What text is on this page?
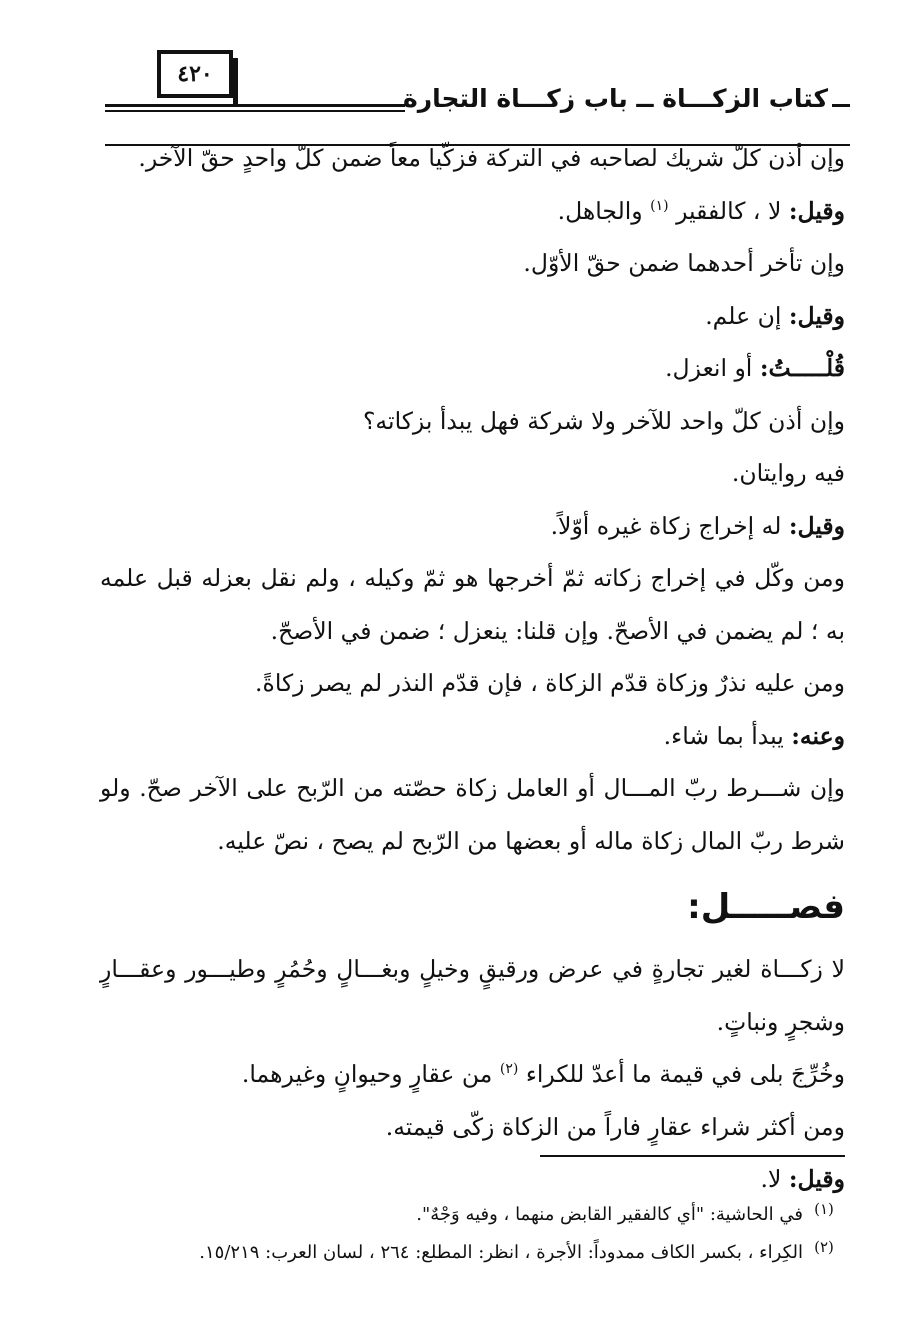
٤٢٠
كتاب الزكـــاة ــ باب زكـــاة التجارة
وإن أذن كلّ شريك لصاحبه في التركة فزكّيا معاً ضمن كلّ واحدٍ حقّ الآخر.
وقيل: لا ، كالفقير $^{(١)}$ والجاهل.
وإن تأخر أحدهما ضمن حقّ الأوّل.
وقيل: إن علم.
قُلْـــــتُ: أو انعزل.
وإن أذن كلّ واحد للآخر ولا شركة فهل يبدأ بزكاته؟
فيه روايتان.
وقيل: له إخراج زكاة غيره أوّلاً.
ومن وكّل في إخراج زكاته ثمّ أخرجها هو ثمّ وكيله ، ولم نقل بعزله قبل علمه
به ؛ لم يضمن في الأصحّ. وإن قلنا: ينعزل ؛ ضمن في الأصحّ.
ومن عليه نذرٌ وزكاة قدّم الزكاة ، فإن قدّم النذر لم يصر زكاةً.
وعنه: يبدأ بما شاء.
وإن شـــرط ربّ المـــال أو العامل زكاة حصّته من الرّبح على الآخر صحّ. ولو
شرط ربّ المال زكاة ماله أو بعضها من الرّبح لم يصح ، نصّ عليه.
فصـــــل:
لا زكـــاة لغير تجارةٍ في عرض ورقيقٍ وخيلٍ وبغـــالٍ وحُمُرٍ وطيـــور وعقـــارٍ
وشجرٍ ونباتٍ.
وخُرِّجَ بلى في قيمة ما أعدّ للكراء $^{(٢)}$ من عقارٍ وحيوانٍ وغيرهما.
ومن أكثر شراء عقارٍ فاراً من الزكاة زكّى قيمته.
وقيل: لا.
(١)في الحاشية: "أي كالفقير القابض منهما ، وفيه وَجْهٌ".
(٢)الكِراء ، بكسر الكاف ممدوداً: الأجرة ، انظر: المطلع: ٢٦٤ ، لسان العرب: ١٥/٢١٩.
